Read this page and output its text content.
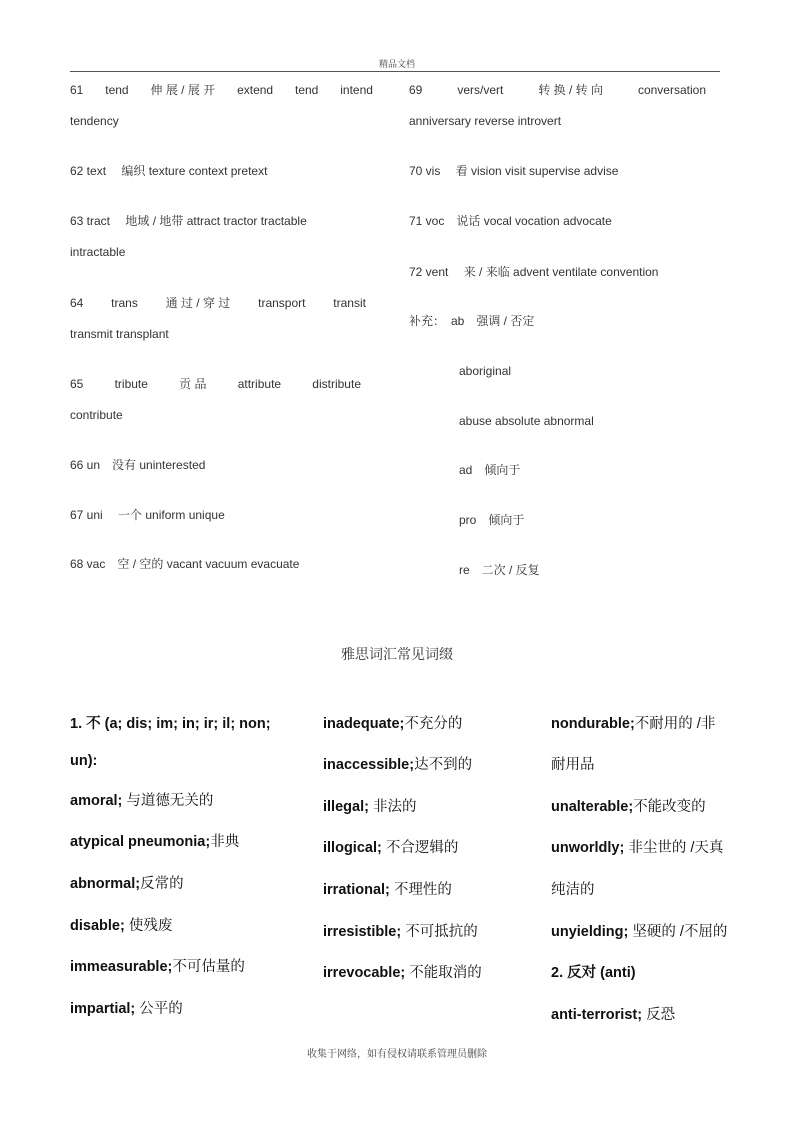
精品文档
61 tend 伸 展 / 展 开 extend tend intend
tendency
62 text　 编织 texture context pretext
63 tract　 地域 / 地带 attract tractor tractable
intractable
64 trans 通 过 / 穿 过 transport transit
transmit transplant
65	tribute	贡 品	attribute	distribute
contribute
66 un　没有 uninterested
67 uni　 一个 uniform unique
68 vac　空 / 空的 vacant vacuum evacuate
69	vers/vert	转 换 / 转 向	conversation
anniversary reverse introvert
70 vis　 看 vision visit supervise advise
71 voc　说话 vocal vocation advocate
72 vent　 来 / 来临 advent ventilate convention
补充：　ab　强调 / 否定
aboriginal
abuse absolute abnormal
ad　倾向于
pro　倾向于
re　二次 / 反复
雅思词汇常见词缀
1. 不 (a; dis; im; in; ir; il; non;
un):
amoral; 与道德无关的
atypical pneumonia;非典
abnormal;反常的
disable; 使残废
immeasurable;不可估量的
impartial; 公平的
inadequate;不充分的
inaccessible;达不到的
illegal; 非法的
illogical; 不合逻辑的
irrational; 不理性的
irresistible; 不可抵抗的
irrevocable; 不能取消的
nondurable;不耐用的 /非
耐用品
unalterable;不能改变的
unworldly; 非尘世的 /天真
纯洁的
unyielding; 坚硬的 /不屈的
2. 反对 (anti)
anti-terrorist; 反恐
收集于网络，如有侵权请联系管理员删除
